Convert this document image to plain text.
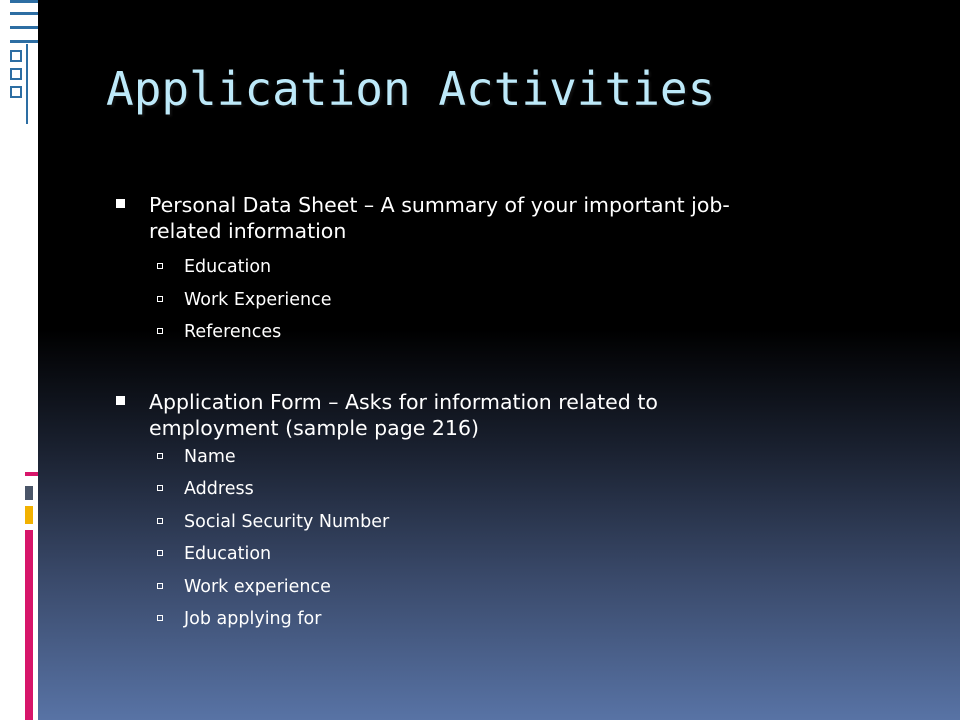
Application Activities
Personal Data Sheet – A summary of your important job-
related information
Education
Work Experience
References
Application Form – Asks for information related to
employment (sample page 216)
Name
Address
Social Security Number
Education
Work experience
Job applying for
